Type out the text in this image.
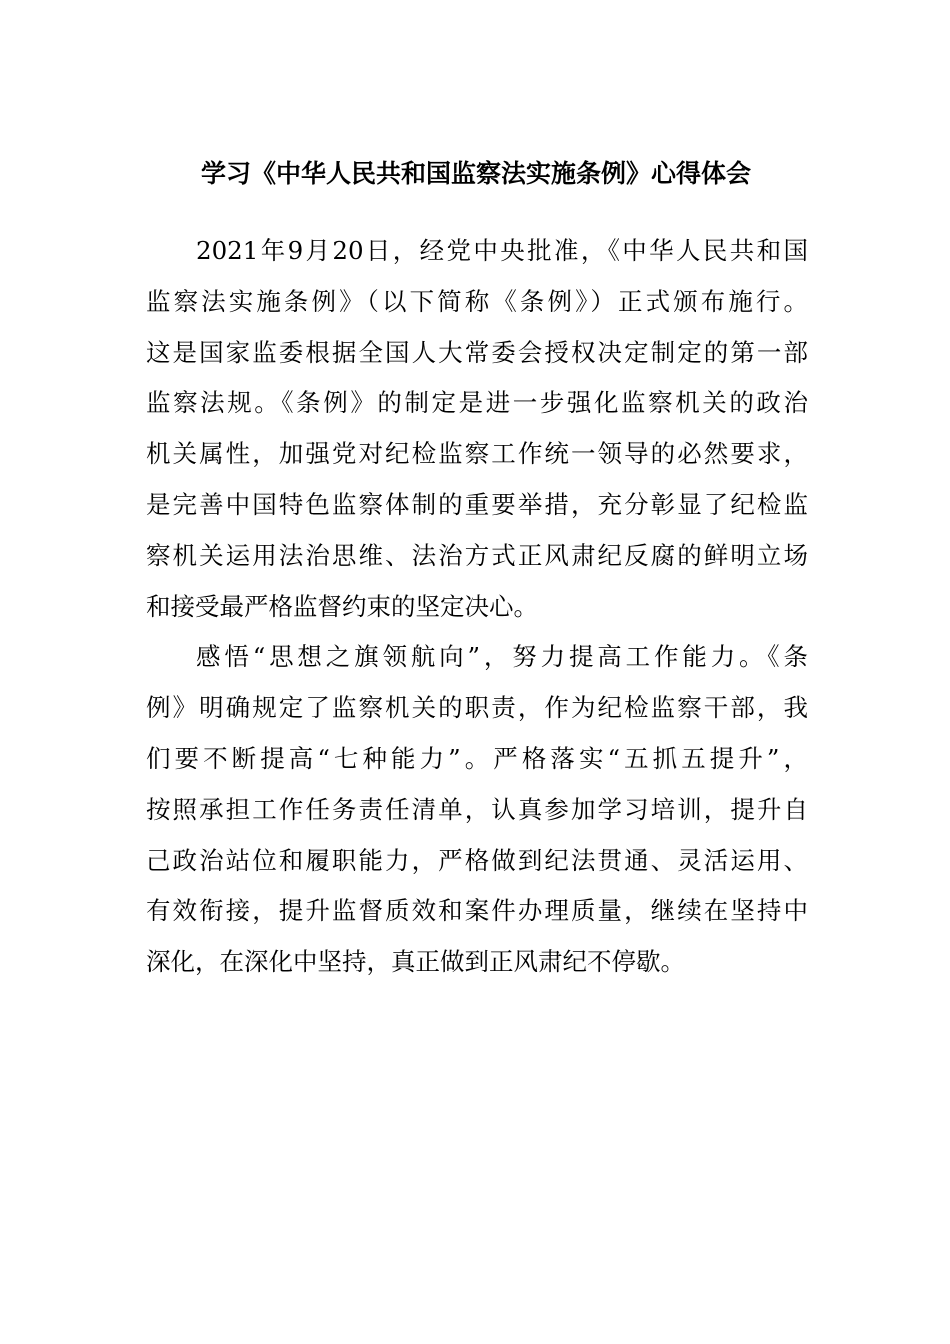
学习《中华人民共和国监察法实施条例》心得体会
2021年9月20日，经党中央批准，《中华人民共和国
监察法实施条例》（以下简称《条例》）正式颁布施行。
这是国家监委根据全国人大常委会授权决定制定的第一部
监察法规。《条例》的制定是进一步强化监察机关的政治
机关属性，加强党对纪检监察工作统一领导的必然要求，
是完善中国特色监察体制的重要举措，充分彰显了纪检监
察机关运用法治思维、法治方式正风肃纪反腐的鲜明立场
和接受最严格监督约束的坚定决心。
感悟“思想之旗领航向”，努力提高工作能力。《条
例》明确规定了监察机关的职责，作为纪检监察干部，我
们要不断提高“七种能力”。严格落实“五抓五提升”，
按照承担工作任务责任清单，认真参加学习培训，提升自
己政治站位和履职能力，严格做到纪法贯通、灵活运用、
有效衔接，提升监督质效和案件办理质量，继续在坚持中
深化，在深化中坚持，真正做到正风肃纪不停歇。
